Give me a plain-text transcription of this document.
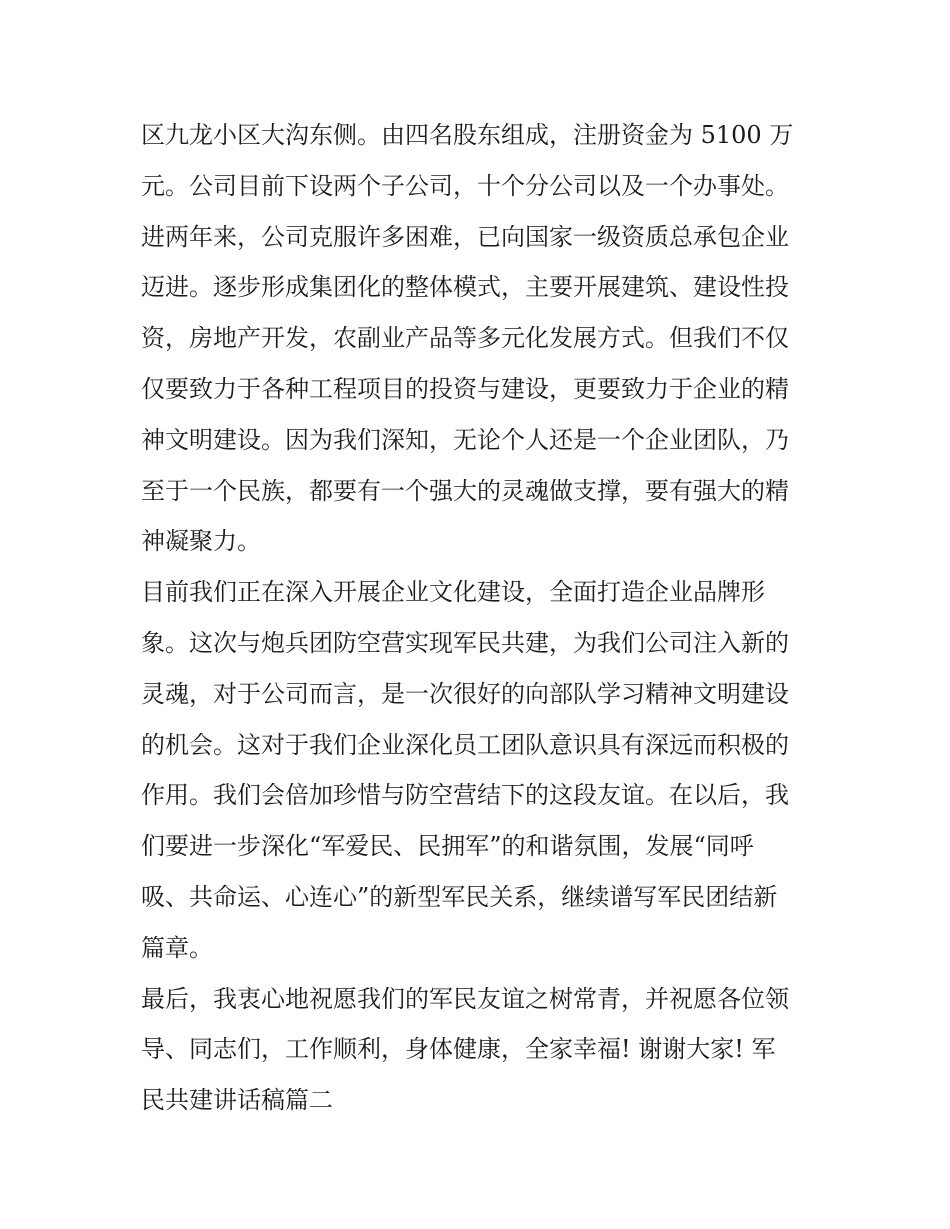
区九龙小区大沟东侧。由四名股东组成，注册资金为 5100 万
元。公司目前下设两个子公司，十个分公司以及一个办事处。
进两年来，公司克服许多困难，已向国家一级资质总承包企业
迈进。逐步形成集团化的整体模式，主要开展建筑、建设性投
资，房地产开发，农副业产品等多元化发展方式。但我们不仅
仅要致力于各种工程项目的投资与建设，更要致力于企业的精
神文明建设。因为我们深知，无论个人还是一个企业团队，乃
至于一个民族，都要有一个强大的灵魂做支撑，要有强大的精
神凝聚力。
目前我们正在深入开展企业文化建设，全面打造企业品牌形
象。这次与炮兵团防空营实现军民共建，为我们公司注入新的
灵魂，对于公司而言，是一次很好的向部队学习精神文明建设
的机会。这对于我们企业深化员工团队意识具有深远而积极的
作用。我们会倍加珍惜与防空营结下的这段友谊。在以后，我
们要进一步深化“军爱民、民拥军”的和谐氛围，发展“同呼
吸、共命运、心连心”的新型军民关系，继续谱写军民团结新
篇章。
最后，我衷心地祝愿我们的军民友谊之树常青，并祝愿各位领
导、同志们，工作顺利，身体健康，全家幸福! 谢谢大家! 军
民共建讲话稿篇二
